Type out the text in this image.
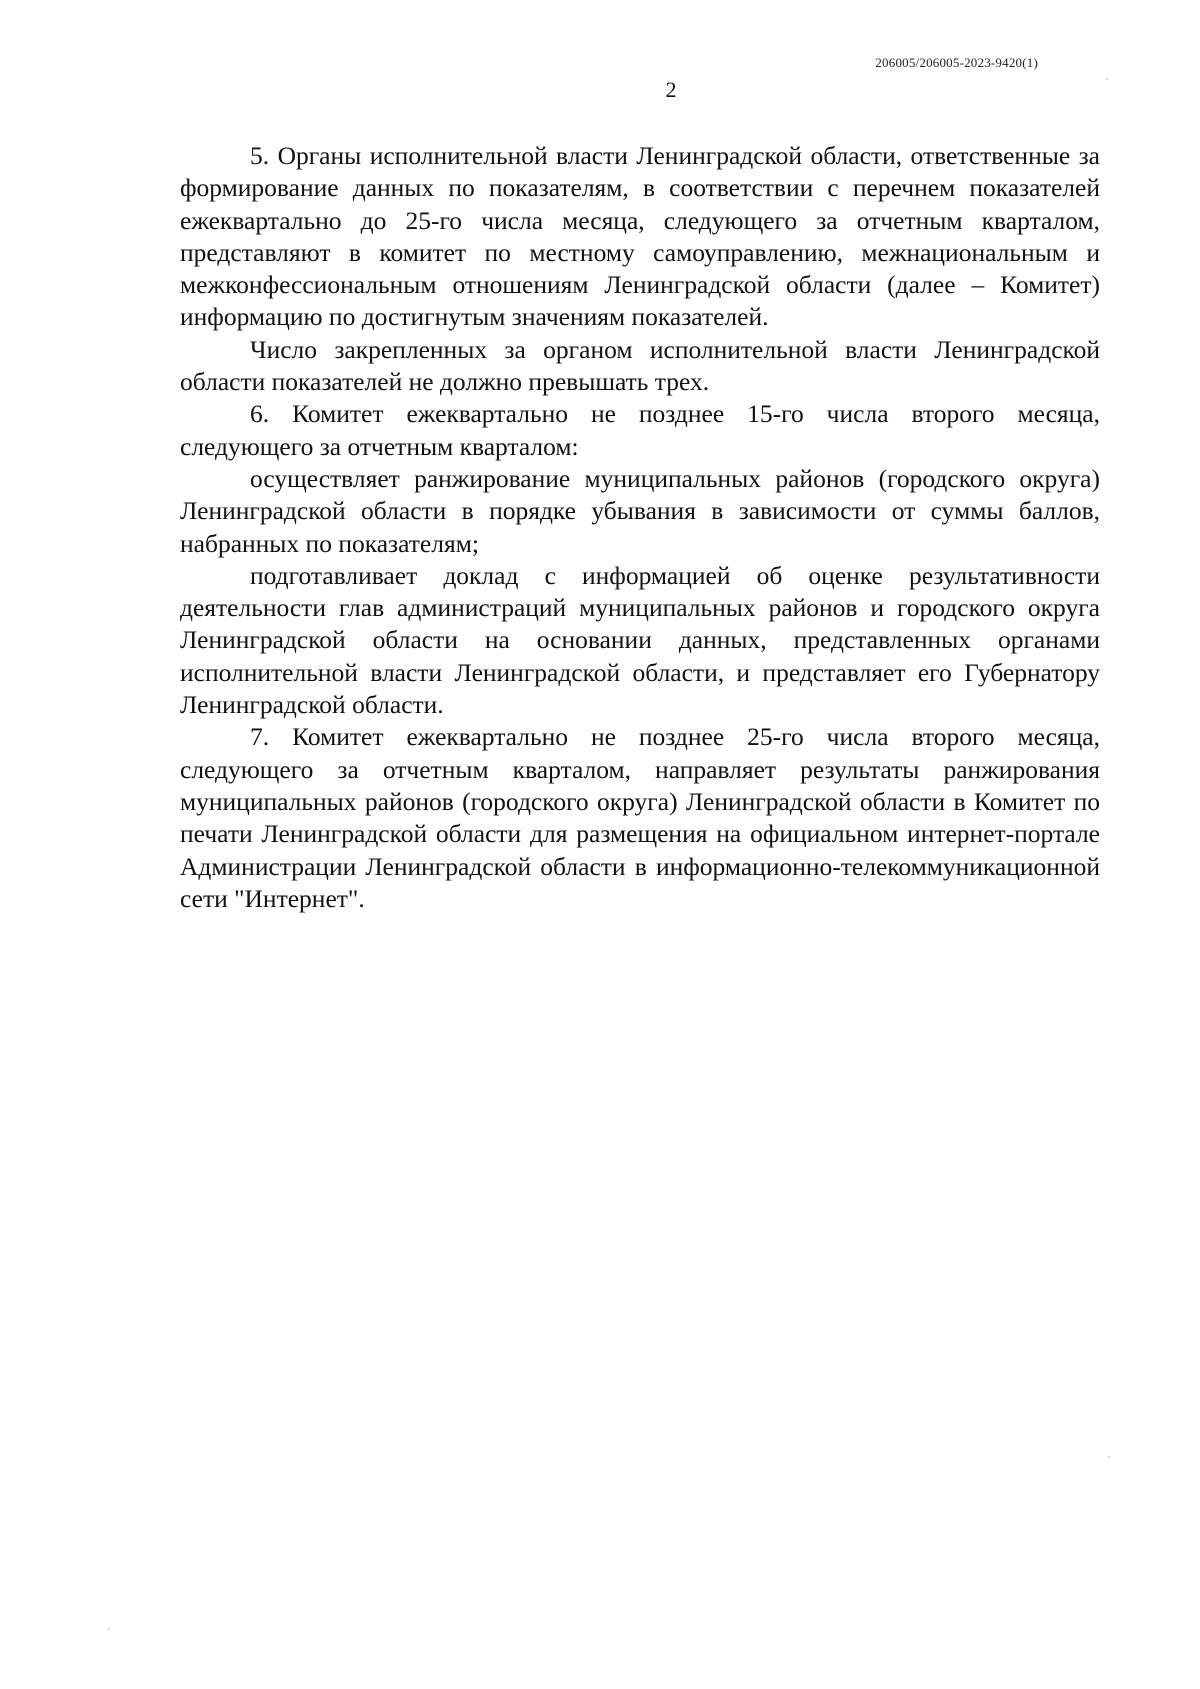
206005/206005-2023-9420(1)
2

5. Органы исполнительной власти Ленинградской области, ответственные за формирование данных по показателям, в соответствии с перечнем показателей ежеквартально до 25-го числа месяца, следующего за отчетным кварталом, представляют в комитет по местному самоуправлению, межнациональным и межконфессиональным отношениям Ленинградской области (далее – Комитет) информацию по достигнутым значениям показателей.

Число закрепленных за органом исполнительной власти Ленинградской области показателей не должно превышать трех.

6. Комитет ежеквартально не позднее 15-го числа второго месяца, следующего за отчетным кварталом:

осуществляет ранжирование муниципальных районов (городского округа) Ленинградской области в порядке убывания в зависимости от суммы баллов, набранных по показателям;

подготавливает доклад с информацией об оценке результативности деятельности глав администраций муниципальных районов и городского округа Ленинградской области на основании данных, представленных органами исполнительной власти Ленинградской области, и представляет его Губернатору Ленинградской области.

7. Комитет ежеквартально не позднее 25-го числа второго месяца, следующего за отчетным кварталом, направляет результаты ранжирования муниципальных районов (городского округа) Ленинградской области в Комитет по печати Ленинградской области для размещения на официальном интернет-портале Администрации Ленинградской области в информационно-телекоммуникационной сети "Интернет".
